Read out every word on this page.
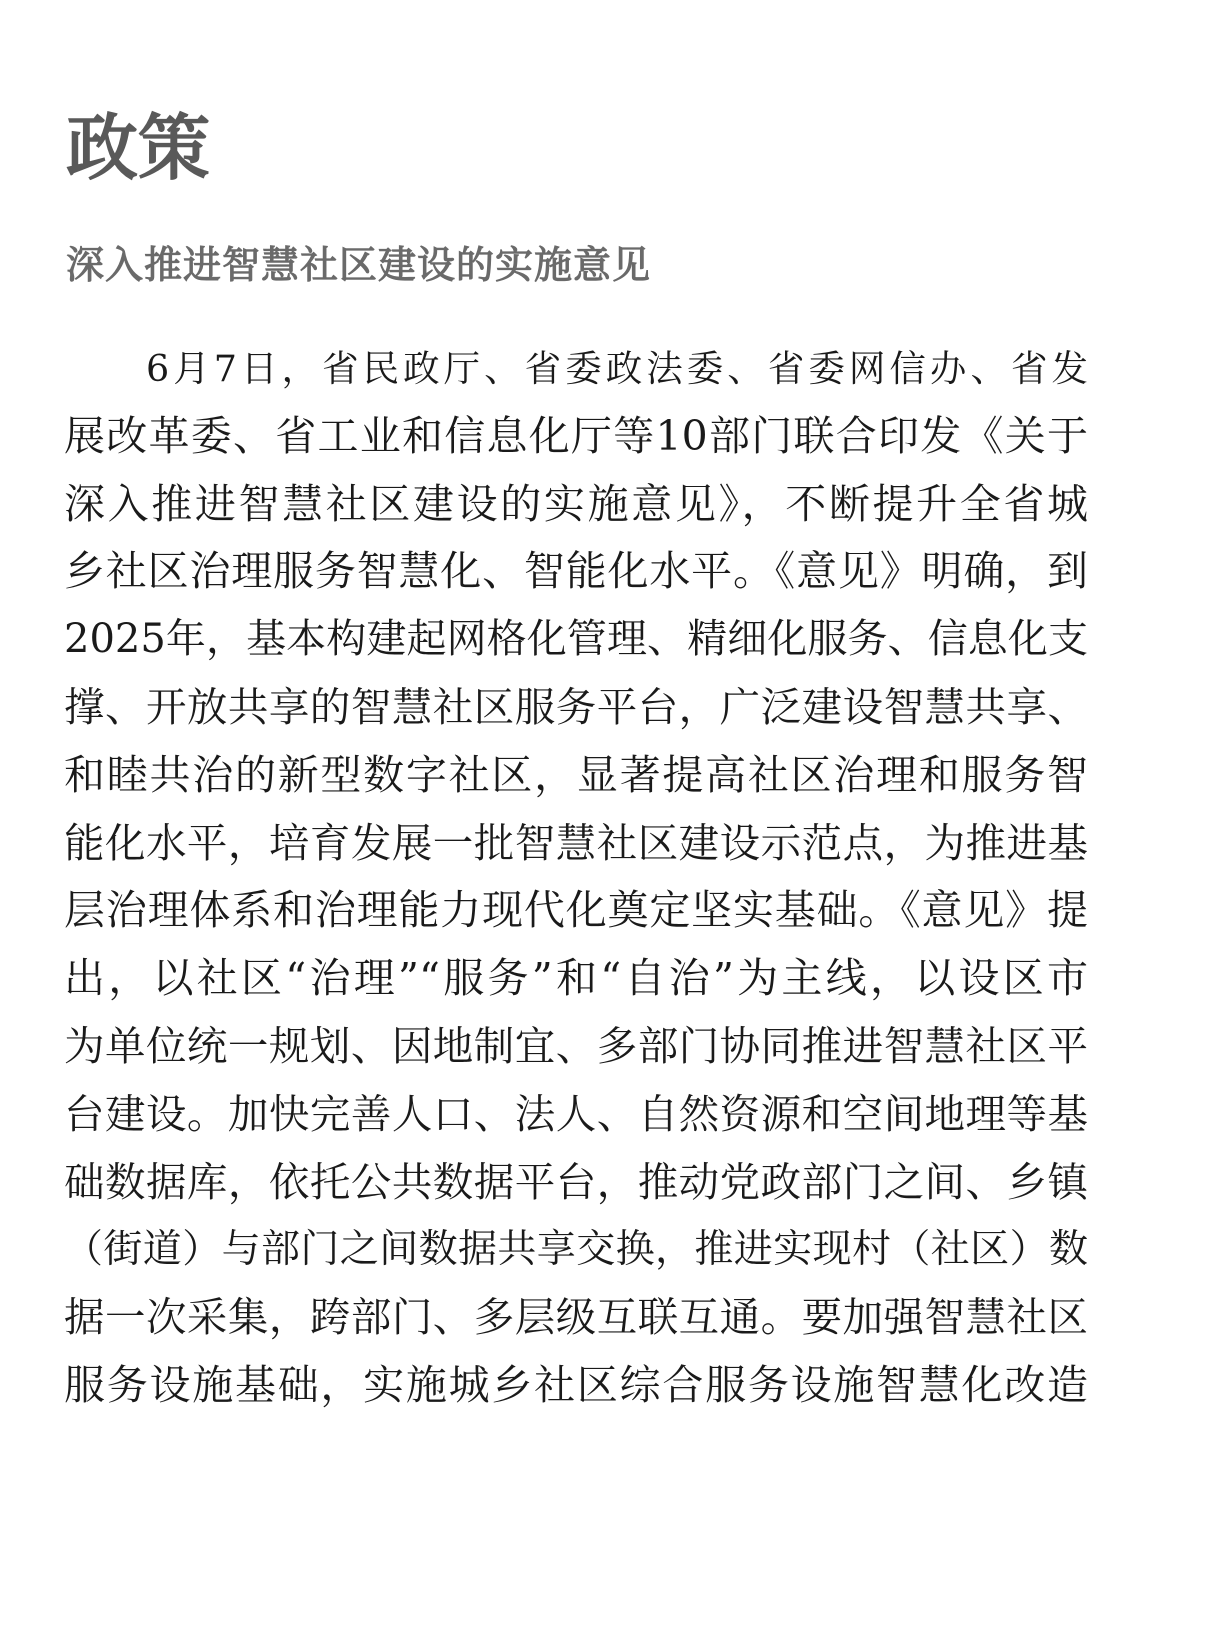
政策
深入推进智慧社区建设的实施意见
6月7日，省民政厅、省委政法委、省委网信办、省发
展改革委、省工业和信息化厅等10部门联合印发《关于
深入推进智慧社区建设的实施意见》，不断提升全省城
乡社区治理服务智慧化、智能化水平。《意见》明确，到
2025年，基本构建起网格化管理、精细化服务、信息化支
撑、开放共享的智慧社区服务平台，广泛建设智慧共享、
和睦共治的新型数字社区，显著提高社区治理和服务智
能化水平，培育发展一批智慧社区建设示范点，为推进基
层治理体系和治理能力现代化奠定坚实基础。《意见》提
出，以社区“治理”“服务”和“自治”为主线，以设区市
为单位统一规划、因地制宜、多部门协同推进智慧社区平
台建设。加快完善人口、法人、自然资源和空间地理等基
础数据库，依托公共数据平台，推动党政部门之间、乡镇
（街道）与部门之间数据共享交换，推进实现村（社区）数
据一次采集，跨部门、多层级互联互通。要加强智慧社区
服务设施基础，实施城乡社区综合服务设施智慧化改造
